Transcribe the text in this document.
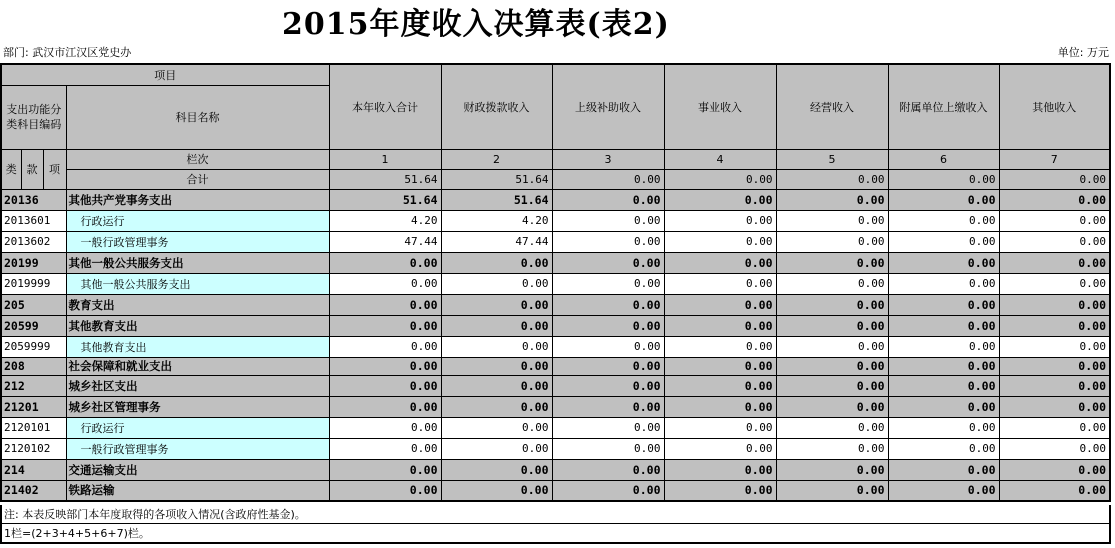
2015年度收入决算表(表2)
部门: 武汉市江汉区党史办	单位: 万元
项目				本年收入合计	财政拨款收入	上级补助收入	事业收入	经营收入	附属单位上缴收入	其他收入

支出功能分类科目编码			科目名称							

类	款	项	栏次	1	2	3	4	5	6	7
			合计	51.64	51.64	0.00	0.00	0.00	0.00	0.00
20136			其他共产党事务支出	51.64	51.64	0.00	0.00	0.00	0.00	0.00
2013601			行政运行	4.20	4.20	0.00	0.00	0.00	0.00	0.00
2013602			一般行政管理事务	47.44	47.44	0.00	0.00	0.00	0.00	0.00
20199			其他一般公共服务支出	0.00	0.00	0.00	0.00	0.00	0.00	0.00
2019999			其他一般公共服务支出	0.00	0.00	0.00	0.00	0.00	0.00	0.00
205			教育支出	0.00	0.00	0.00	0.00	0.00	0.00	0.00
20599			其他教育支出	0.00	0.00	0.00	0.00	0.00	0.00	0.00
2059999			其他教育支出	0.00	0.00	0.00	0.00	0.00	0.00	0.00
208			社会保障和就业支出	0.00	0.00	0.00	0.00	0.00	0.00	0.00
212			城乡社区支出	0.00	0.00	0.00	0.00	0.00	0.00	0.00
21201			城乡社区管理事务	0.00	0.00	0.00	0.00	0.00	0.00	0.00
2120101			行政运行	0.00	0.00	0.00	0.00	0.00	0.00	0.00
2120102			一般行政管理事务	0.00	0.00	0.00	0.00	0.00	0.00	0.00
214			交通运输支出	0.00	0.00	0.00	0.00	0.00	0.00	0.00
21402			铁路运输	0.00	0.00	0.00	0.00	0.00	0.00	0.00
注: 本表反映部门本年度取得的各项收入情况(含政府性基金)。
1栏=(2+3+4+5+6+7)栏。
